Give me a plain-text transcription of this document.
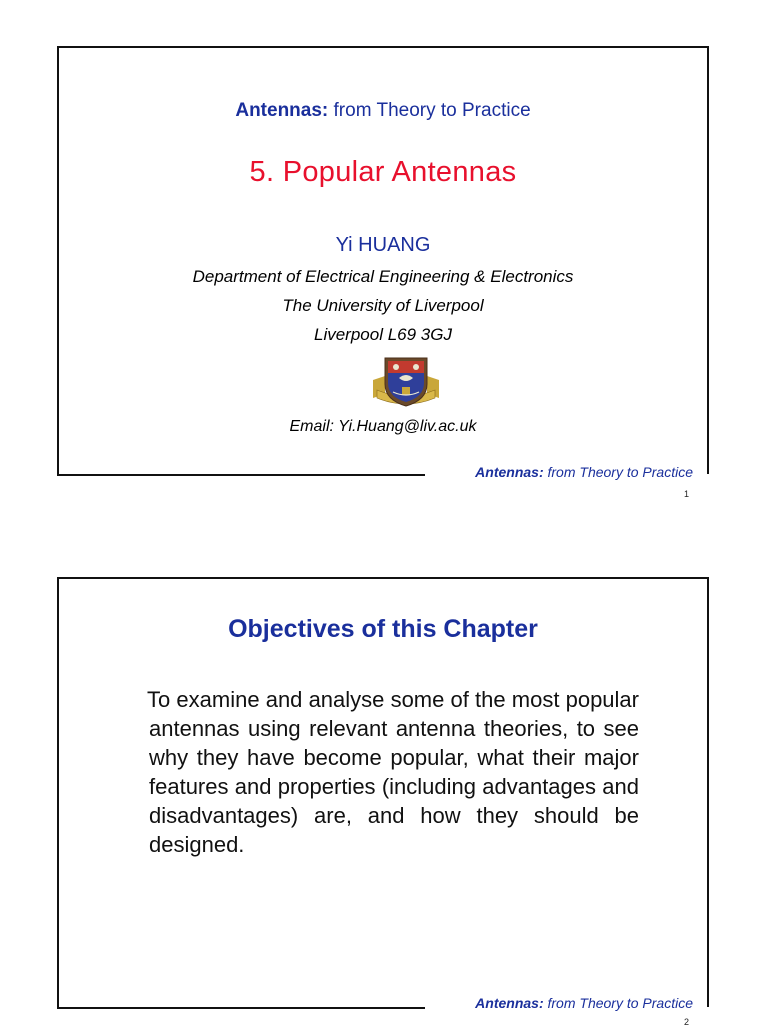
Antennas: from Theory to Practice
5. Popular Antennas
Yi HUANG
Department of Electrical Engineering & Electronics
The University of Liverpool
Liverpool L69 3GJ
Email: Yi.Huang@liv.ac.uk
Antennas: from Theory to Practice
1
Objectives of this Chapter

To examine and analyse some of the most popular antennas using relevant antenna theories, to see why they have become popular, what their major features and properties (including advantages and disadvantages) are, and how they should be designed.

Antennas: from Theory to Practice
2
